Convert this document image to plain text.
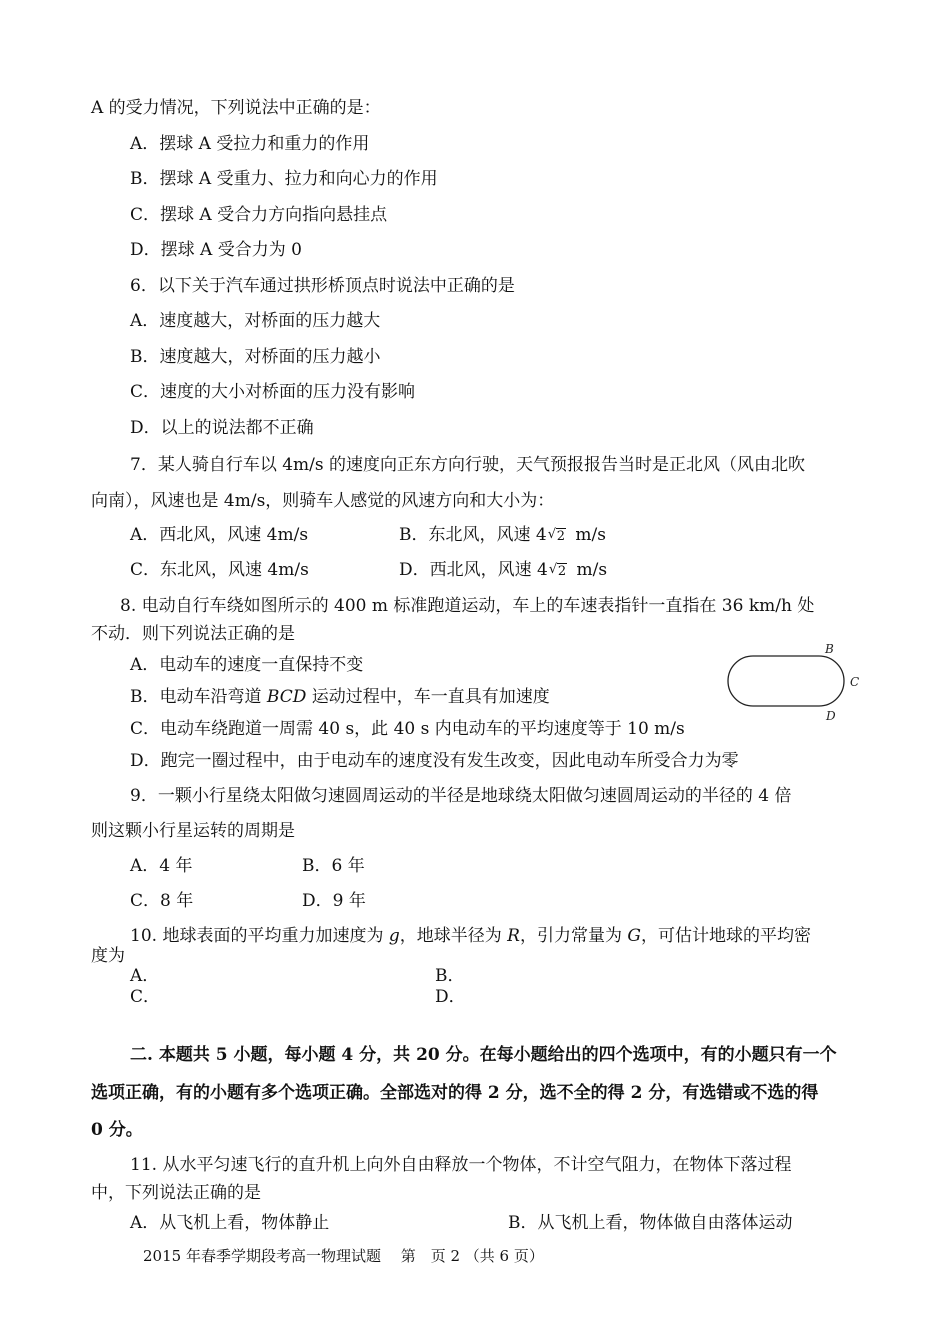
A 的受力情况，下列说法中正确的是：
A．摆球 A 受拉力和重力的作用
B．摆球 A 受重力、拉力和向心力的作用
C．摆球 A 受合力方向指向悬挂点
D．摆球 A 受合力为 0
6．以下关于汽车通过拱形桥顶点时说法中正确的是
A．速度越大，对桥面的压力越大
B．速度越大，对桥面的压力越小
C．速度的大小对桥面的压力没有影响
D．以上的说法都不正确
7．某人骑自行车以 4m/s 的速度向正东方向行驶，天气预报报告当时是正北风（风由北吹
向南），风速也是 4m/s，则骑车人感觉的风速方向和大小为：
A．西北风，风速 4m/s	B．东北风，风速 4 √ 2 m/s
C．东北风，风速 4m/s	D．西北风，风速 4 √ 2 m/s
8. 电动自行车绕如图所示的 400 m 标准跑道运动，车上的车速表指针一直指在 36 km/h 处
不动．则下列说法正确的是
A．电动车的速度一直保持不变
B．电动车沿弯道 BCD 运动过程中，车一直具有加速度
C．电动车绕跑道一周需 40 s，此 40 s 内电动车的平均速度等于 10 m/s
D．跑完一圈过程中，由于电动车的速度没有发生改变，因此电动车所受合力为零
B
C
D
9．一颗小行星绕太阳做匀速圆周运动的半径是地球绕太阳做匀速圆周运动的半径的 4 倍
则这颗小行星运转的周期是
A．4 年	B．6 年
C．8 年	D．9 年
10. 地球表面的平均重力加速度为 g，地球半径为 R，引力常量为 G，可估计地球的平均密
度为
A．	B．
C．	D．
二. 本题共 5 小题，每小题 4 分，共 20 分。在每小题给出的四个选项中，有的小题只有一个
选项正确，有的小题有多个选项正确。全部选对的得 2 分，选不全的得 2 分，有选错或不选的得
0 分。
11. 从水平匀速飞行的直升机上向外自由释放一个物体，不计空气阻力，在物体下落过程
中，下列说法正确的是
A．从飞机上看，物体静止	B．从飞机上看，物体做自由落体运动
2015 年春季学期段考高一物理试题　 第　页 2 （共 6 页）
